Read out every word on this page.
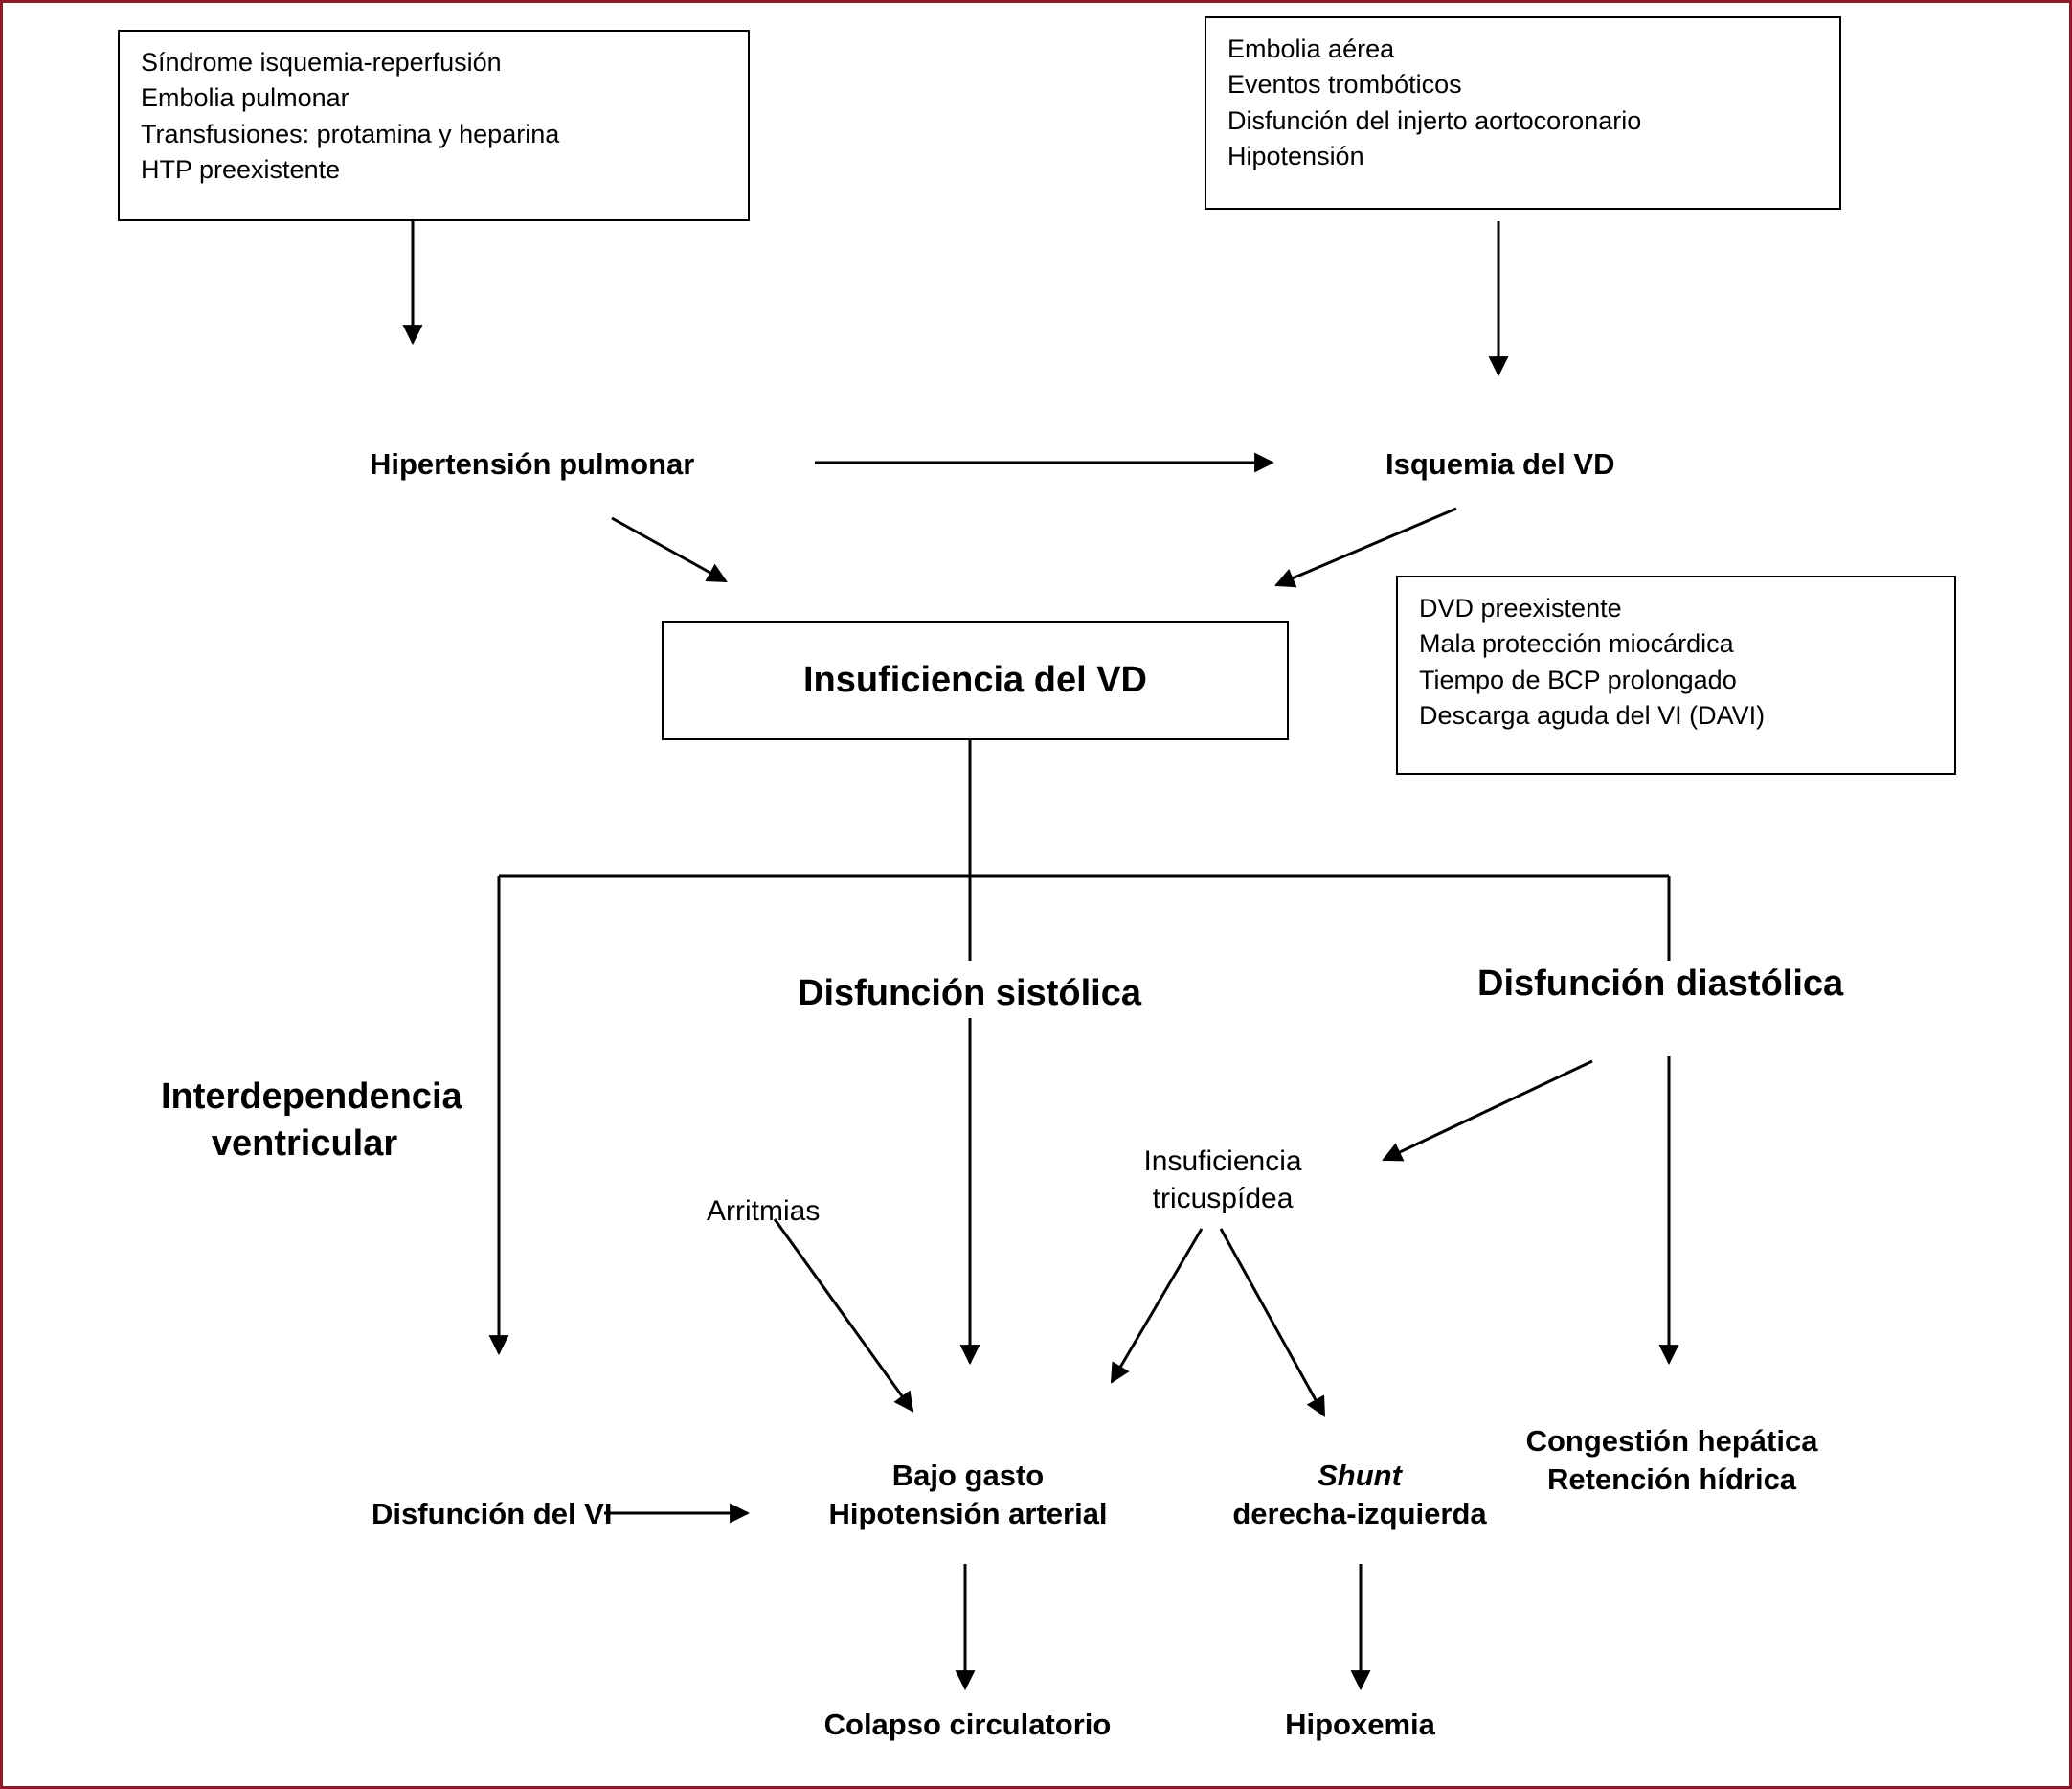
Síndrome isquemia-reperfusión
Embolia pulmonar
Transfusiones: protamina y heparina
HTP preexistente
Embolia aérea
Eventos trombóticos
Disfunción del injerto aortocoronario
Hipotensión
DVD preexistente
Mala protección miocárdica
Tiempo de BCP prolongado
Descarga aguda del VI (DAVI)
Hipertensión pulmonar	Isquemia del VD
Insuficiencia del VD
Disfunción sistólica	Disfunción diastólica
Interdependencia
ventricular
Arritmias
Insuficiencia
tricuspídea
Disfunción del VI
Bajo gasto
Hipotensión arterial
Shunt
derecha-izquierda
Congestión hepática
Retención hídrica
Colapso circulatorio	Hipoxemia
